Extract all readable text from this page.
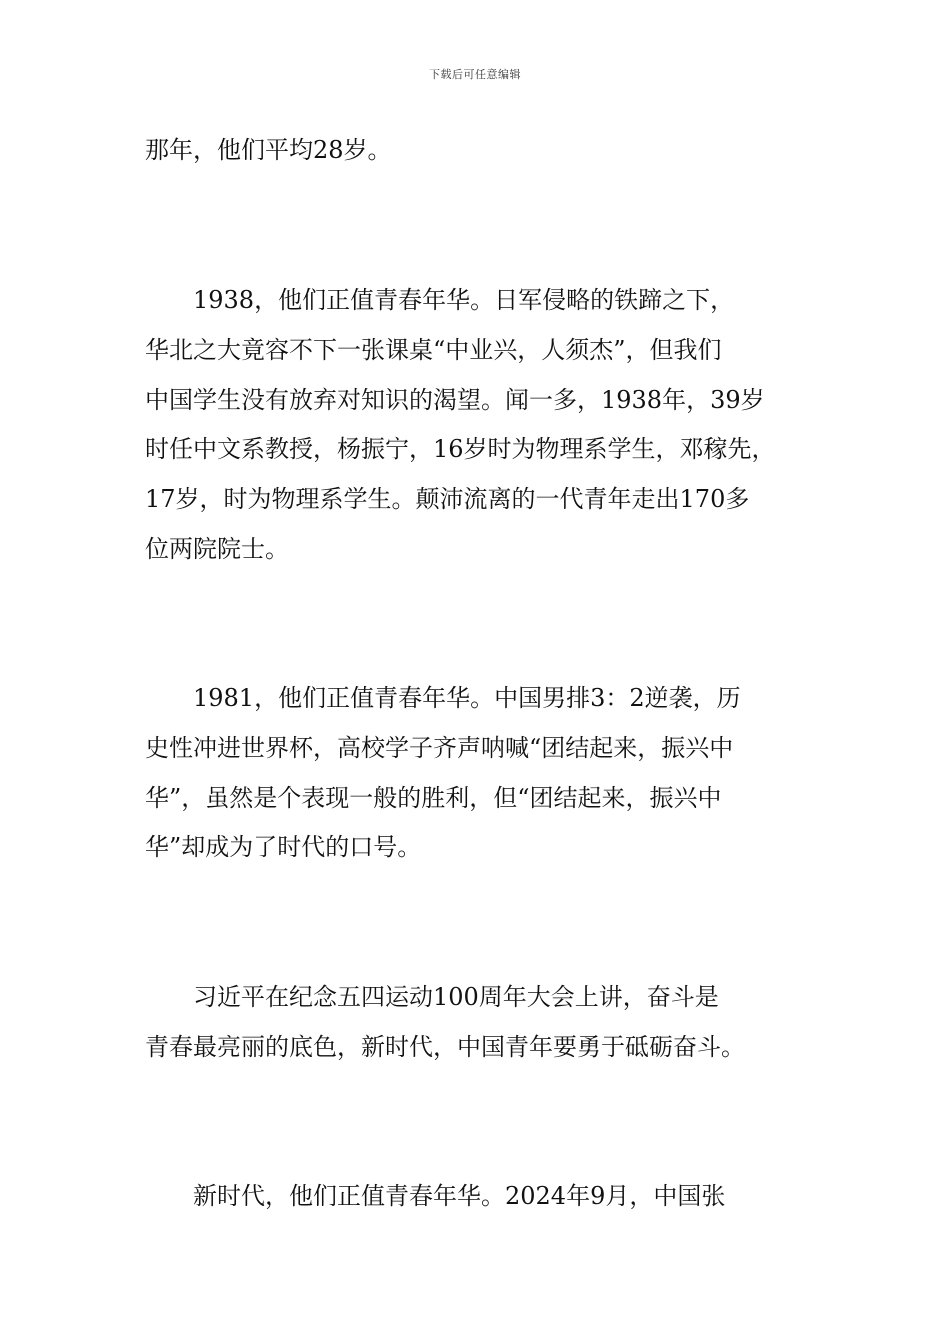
下载后可任意编辑
那年，他们平均28岁。
　　1938，他们正值青春年华。日军侵略的铁蹄之下，
华北之大竟容不下一张课桌“中业兴，人须杰”，但我们
中国学生没有放弃对知识的渴望。闻一多，1938年，39岁
时任中文系教授，杨振宁，16岁时为物理系学生，邓稼先，
17岁，时为物理系学生。颠沛流离的一代青年走出170多
位两院院士。
　　1981，他们正值青春年华。中国男排3：2逆袭，历
史性冲进世界杯，高校学子齐声呐喊“团结起来，振兴中
华”，虽然是个表现一般的胜利，但“团结起来，振兴中
华”却成为了时代的口号。
　　习近平在纪念五四运动100周年大会上讲，奋斗是
青春最亮丽的底色，新时代，中国青年要勇于砥砺奋斗。
　　新时代，他们正值青春年华。2024年9月，中国张
